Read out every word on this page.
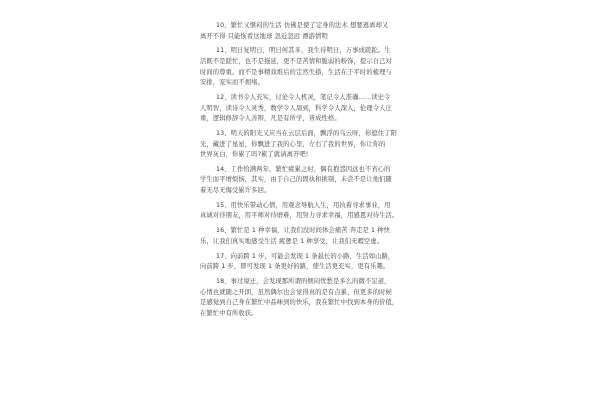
10、繁忙又惬闷的生活 仿佛是使了定身的法术 想要逃离却又
离开不得 只能恢看这地球 忽近忽远 漂游情明
11、明日复明日，明日何其多，我生待明日，万事成蹉跎。生
活既不是蹉忙，也不是拖延，更不是苦情和脆弱的粉饰，提示自己对
时间的尊重。而不是事精戏堆后的定然失措，生活在于平时的梳理与
安排，宠实而不拥堵。
12、读书令人充实，讨论令人机灵，笔记令人准确……读史令
人明智，读诗令人灵秀，数学令人周到，科学令人深入，伦理令人庄
重，逻辑修辞令人善辩，凡是有所学，皆成性格。
13、明天的阳光又应当在云层后面，飘浮的乌云呀，你遮住了阳
光，藏进了星星，你飘进了我的心里，左右了我的世界，你让你的
世界灰白，你累了吗?累了就请离开吧!
14、工作恰满两年，繁忙疲累之时，偶有抱怨因远也不省心的
学生而平增烦恼，其实，由于自己的固执和挑剔，未尝不是让他们随
着无尽无悔受累许多回。
15、用快乐带动心情，用观念导航人生，用执着寻求事业，用
真诚对待朋友，用平师对待磨难，用努力寻求幸福，用感恩对待生活。
16、繁忙是 1 种幸福，让我们没时间体会痛苦 奔走是 1 种快
乐，让我们真实地感受生活 疲惫是 1 种享受，让我们无暇空虚。
17、向前跨 1 步，可能会发现 1 条悬长的小路，生活如山路，
向前跨 1 步，即可发现 1 条更好的路，使生活更充实，更有乐趣。
18、事过境迁，会发现那所谓的惬闷忧愁是多么的微不足道，
心情也就随之开朗，虽然偶尔也会觉得真的是有点累，但更多的时候
是感觉到自己身在繁忙中品味到的快乐，我在繁忙中找到本身的价值，
在繁忙中有所收获。
